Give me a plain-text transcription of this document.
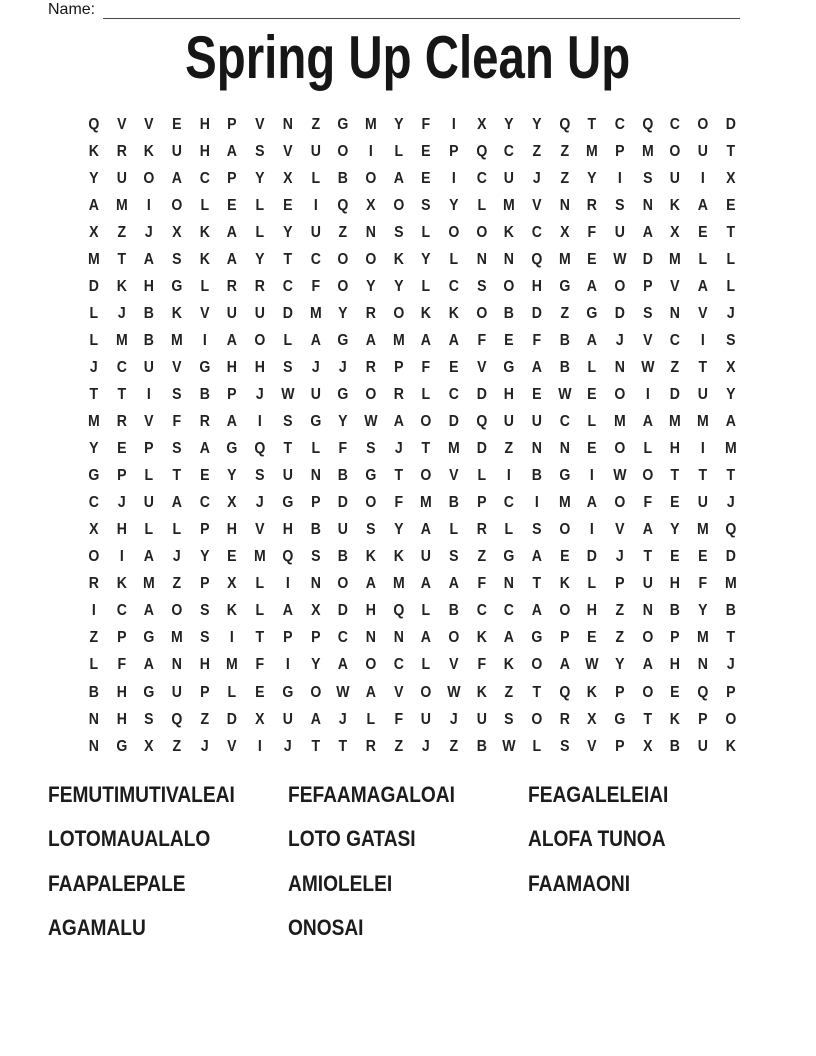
Name:
Spring Up Clean Up
Q	V	V	E	H	P	V	N	Z	G	M	Y	F	I	X	Y	Y	Q	T	C	Q	C	O	D
K	R	K	U	H	A	S	V	U	O	I	L	E	P	Q	C	Z	Z	M	P	M	O	U	T
Y	U	O	A	C	P	Y	X	L	B	O	A	E	I	C	U	J	Z	Y	I	S	U	I	X
A	M	I	O	L	E	L	E	I	Q	X	O	S	Y	L	M	V	N	R	S	N	K	A	E
X	Z	J	X	K	A	L	Y	U	Z	N	S	L	O	O	K	C	X	F	U	A	X	E	T
M	T	A	S	K	A	Y	T	C	O	O	K	Y	L	N	N	Q	M	E	W D	M	L	L
D	K	H	G	L	R	R	C	F	O	Y	Y	L	C	S	O	H	G	A	O	P	V	A	L
L	J	B	K	V	U	U	D	M	Y	R	O	K	K	O	B	D	Z	G	D	S	N	V	J
L	M	B	M	I	A	O	L	A	G	A	M	A	A	F	E	F	B	A	J	V	C	I	S
J	C	U	V	G	H	H	S	J	J	R	P	F	E	V	G	A	B	L	N W	Z	T	X
T	T	I	S	B	P	J	W U	G	O	R	L	C	D	H	E	W	E	O	I	D	U	Y
M	R	V	F	R	A	I	S	G	Y	W A	O	D	Q	U	U	C	L	M	A	M M	A
Y	E	P	S	A	G	Q	T	L	F	S	J	T	M	D	Z	N	N	E	O	L	H	I	M
G	P	L	T	E	Y	S	U	N	B	G	T	O	V	L	I	B	G	I	W O	T	T	T
C	J	U	A	C	X	J	G	P	D	O	F	M	B	P	C	I	M	A	O	F	E	U	J
X	H	L	L	P	H	V	H	B	U	S	Y	A	L	R	L	S	O	I	V	A	Y	M	Q
O	I	A	J	Y	E	M	Q	S	B	K	K	U	S	Z	G	A	E	D	J	T	E	E	D
R	K	M	Z	P	X	L	I	N	O	A	M	A	A	F	N	T	K	L	P	U	H	F	M
I	C	A	O	S	K	L	A	X	D	H	Q	L	B	C	C	A	O	H	Z	N	B	Y	B
Z	P	G	M	S	I	T	P	P	C	N	N	A	O	K	A	G	P	E	Z	O	P	M	T
L	F	A	N	H	M	F	I	Y	A	O	C	L	V	F	K	O	A W	Y	A	H	N	J
B	H	G	U	P	L	E	G	O W A	V	O W K	Z	T	Q	K	P	O	E	Q	P
N	H	S	Q	Z	D	X	U	A	J	L	F	U	J	U	S	O	R	X	G	T	K	P	O
N	G	X	Z	J	V	I	J	T	T	R	Z	J	Z	B W	L	S	V	P	X	B	U	K
FEMUTIMUTIVALEAI
LOTOMAUALALO
FAAPALEPALE
AGAMALU
FEFAAMAGALOAI
LOTO GATASI
AMIOLELEI
ONOSAI
FEAGALELEIAI
ALOFA TUNOA
FAAMAONI
